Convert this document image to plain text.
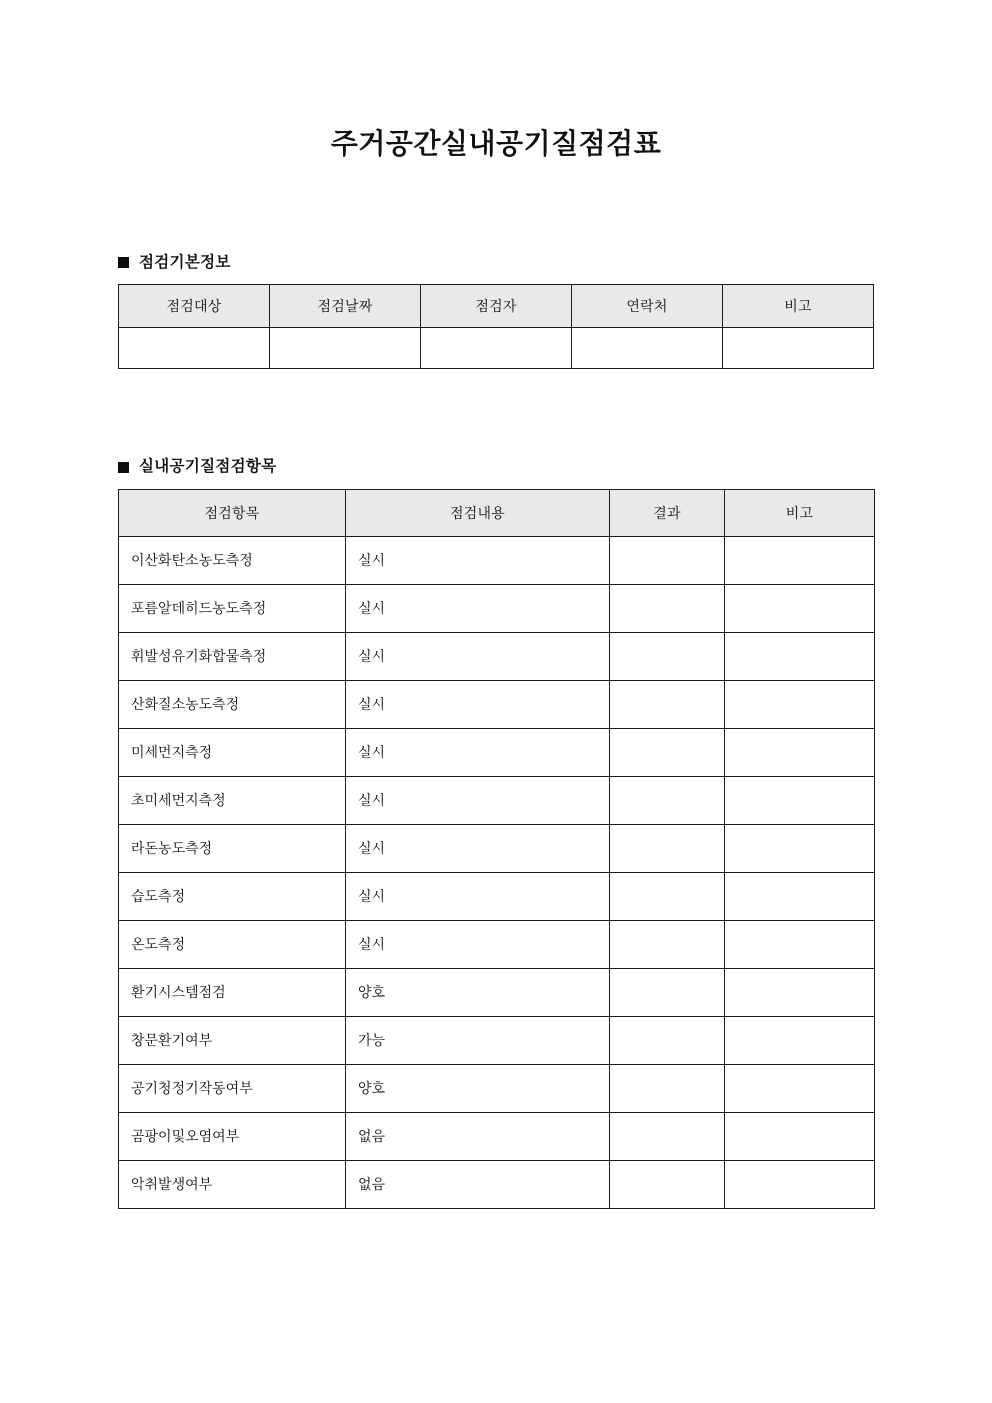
주거공간실내공기질점검표
점검기본정보
점검대상	점검날짜	점검자	연락처	비고

실내공기질점검항목
점검항목	점검내용	결과	비고
이산화탄소농도측정	실시		
포름알데히드농도측정	실시		
휘발성유기화합물측정	실시		
산화질소농도측정	실시		
미세먼지측정	실시		
초미세먼지측정	실시		
라돈농도측정	실시		
습도측정	실시		
온도측정	실시		
환기시스템점검	양호		
창문환기여부	가능		
공기청정기작동여부	양호		
곰팡이및오염여부	없음		
악취발생여부	없음		
